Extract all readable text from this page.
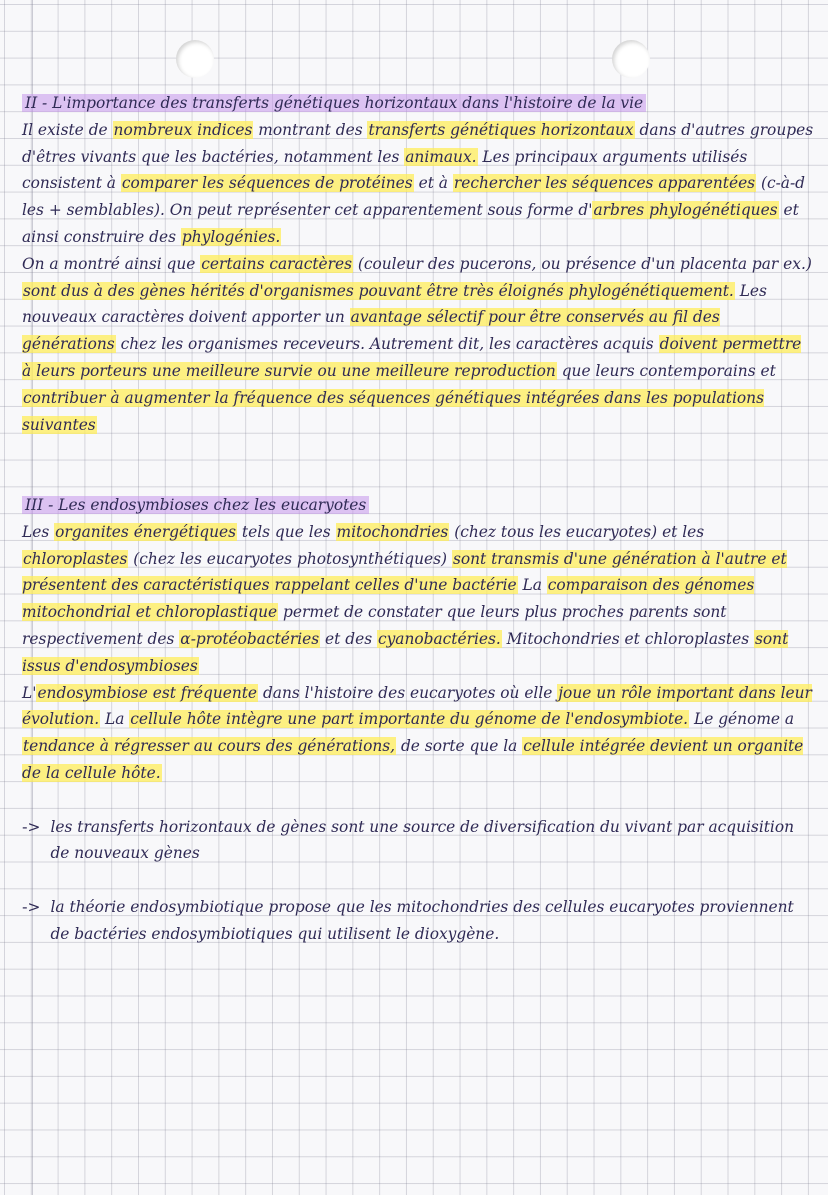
II - L'importance des transferts génétiques horizontaux dans l'histoire de la vie

Il existe de nombreux indices montrant des transferts génétiques horizontaux dans d'autres groupes d'êtres vivants que les bactéries, notamment les animaux. Les principaux arguments utilisés consistent à comparer les séquences de protéines et à rechercher les séquences apparentées (c-à-d les + semblables). On peut représenter cet apparentement sous forme d'arbres phylogénétiques et ainsi construire des phylogénies.

On a montré ainsi que certains caractères (couleur des pucerons, ou présence d'un placenta par ex.) sont dus à des gènes hérités d'organismes pouvant être très éloignés phylogénétiquement. Les nouveaux caractères doivent apporter un avantage sélectif pour être conservés au fil des générations chez les organismes receveurs. Autrement dit, les caractères acquis doivent permettre à leurs porteurs une meilleure survie ou une meilleure reproduction que leurs contemporains et contribuer à augmenter la fréquence des séquences génétiques intégrées dans les populations suivantes

III - Les endosymbioses chez les eucaryotes

Les organites énergétiques tels que les mitochondries (chez tous les eucaryotes) et les chloroplastes (chez les eucaryotes photosynthétiques) sont transmis d'une génération à l'autre et présentent des caractéristiques rappelant celles d'une bactérie La comparaison des génomes mitochondrial et chloroplastique permet de constater que leurs plus proches parents sont respectivement des α-protéobactéries et des cyanobactéries. Mitochondries et chloroplastes sont issus d'endosymbioses

L'endosymbiose est fréquente dans l'histoire des eucaryotes où elle joue un rôle important dans leur évolution. La cellule hôte intègre une part importante du génome de l'endosymbiote. Le génome a tendance à régresser au cours des générations, de sorte que la cellule intégrée devient un organite de la cellule hôte.

-> les transferts horizontaux de gènes sont une source de diversification du vivant par acquisition de nouveaux gènes

-> la théorie endosymbiotique propose que les mitochondries des cellules eucaryotes proviennent de bactéries endosymbiotiques qui utilisent le dioxygène.
